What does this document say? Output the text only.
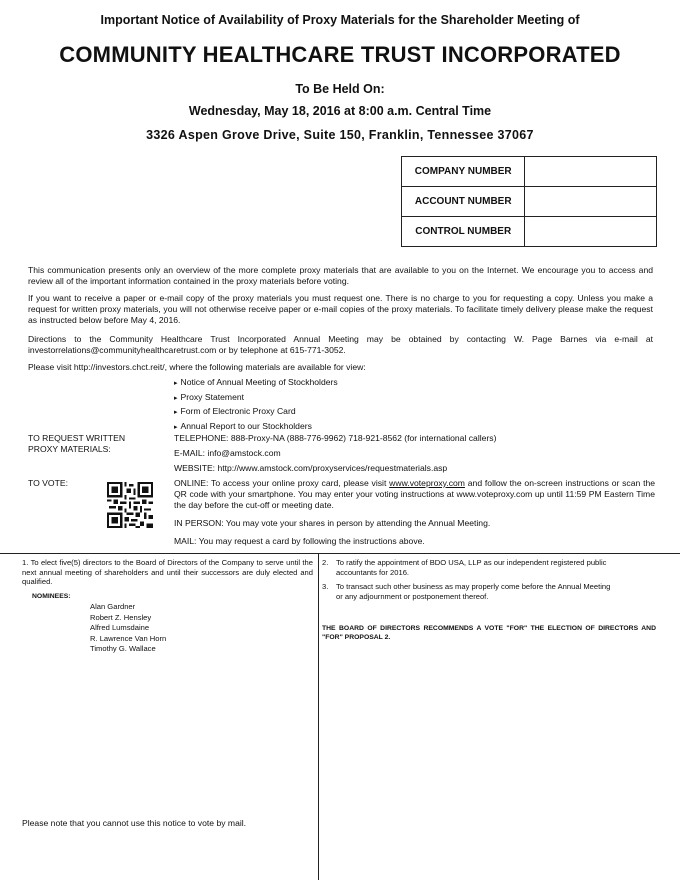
Important Notice of Availability of Proxy Materials for the Shareholder Meeting of
COMMUNITY HEALTHCARE TRUST INCORPORATED
To Be Held On:
Wednesday, May 18, 2016 at 8:00 a.m. Central Time
3326 Aspen Grove Drive, Suite 150, Franklin, Tennessee 37067
COMPANY NUMBER	
ACCOUNT NUMBER	
CONTROL NUMBER	
This communication presents only an overview of the more complete proxy materials that are available to you on the Internet. We encourage you to access and review all of the important information contained in the proxy materials before voting.
If you want to receive a paper or e-mail copy of the proxy materials you must request one. There is no charge to you for requesting a copy. Unless you make a request for written proxy materials, you will not otherwise receive paper or e-mail copies of the proxy materials. To facilitate timely delivery please make the request as instructed below before May 4, 2016.
Directions to the Community Healthcare Trust Incorporated Annual Meeting may be obtained by contacting W. Page Barnes via e-mail at investorrelations@communityhealthcaretrust.com or by telephone at 615-771-3052.
Please visit http://investors.chct.reit/, where the following materials are available for view:
▸ Notice of Annual Meeting of Stockholders
▸ Proxy Statement
▸ Form of Electronic Proxy Card
▸ Annual Report to our Stockholders
TO REQUEST WRITTEN
PROXY MATERIALS:
TELEPHONE: 888-Proxy-NA (888-776-9962) 718-921-8562 (for international callers)
E-MAIL: info@amstock.com
WEBSITE: http://www.amstock.com/proxyservices/requestmaterials.asp
TO VOTE:	ONLINE: To access your online proxy card, please visit www.voteproxy.com and follow the on-screen instructions or scan the QR code with your smartphone. You may enter your voting instructions at www.voteproxy.com up until 11:59 PM Eastern Time the day before the cut-off or meeting date.
IN PERSON: You may vote your shares in person by attending the Annual Meeting.
MAIL: You may request a card by following the instructions above.
1. To elect five(5) directors to the Board of Directors of the Company to serve until the next annual meeting of shareholders and until their successors are duly elected and qualified.
NOMINEES:
Alan Gardner
Robert Z. Hensley
Alfred Lumsdaine
R. Lawrence Van Horn
Timothy G. Wallace
2. To ratify the appointment of BDO USA, LLP as our independent registered public
accountants for 2016.
3. To transact such other business as may properly come before the Annual Meeting
or any adjournment or postponement thereof.
THE BOARD OF DIRECTORS RECOMMENDS A VOTE "FOR" THE ELECTION OF DIRECTORS AND "FOR" PROPOSAL 2.
Please note that you cannot use this notice to vote by mail.
